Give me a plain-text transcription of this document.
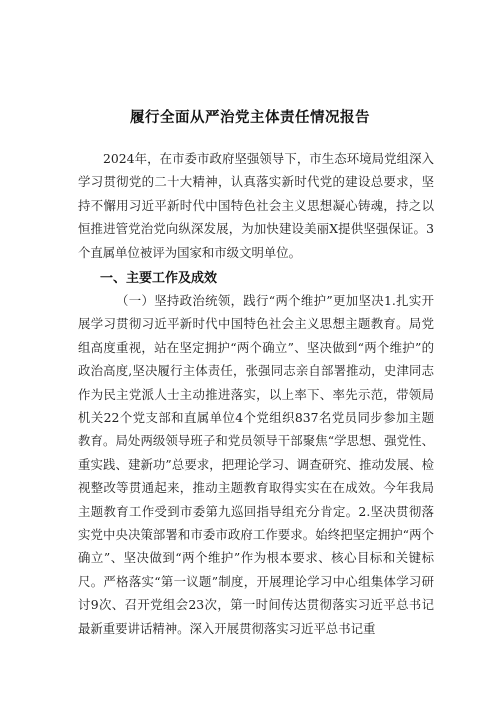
履行全面从严治党主体责任情况报告

2024年，在市委市政府坚强领导下，市生态环境局党组深入学习贯彻党的二十大精神，认真落实新时代党的建设总要求，坚持不懈用习近平新时代中国特色社会主义思想凝心铸魂，持之以恒推进管党治党向纵深发展，为加快建设美丽X提供坚强保证。3个直属单位被评为国家和市级文明单位。

一、主要工作及成效

（一）坚持政治统领，践行“两个维护”更加坚决1.扎实开展学习贯彻习近平新时代中国特色社会主义思想主题教育。局党组高度重视，站在坚定拥护“两个确立”、坚决做到“两个维护”的政治高度,坚决履行主体责任，张强同志亲自部署推动，史津同志作为民主党派人士主动推进落实，以上率下、率先示范，带领局机关22个党支部和直属单位4个党组织837名党员同步参加主题教育。局处两级领导班子和党员领导干部聚焦“学思想、强党性、重实践、建新功”总要求，把理论学习、调查研究、推动发展、检视整改等贯通起来，推动主题教育取得实实在在成效。今年我局主题教育工作受到市委第九巡回指导组充分肯定。2.坚决贯彻落实党中央决策部署和市委市政府工作要求。始终把坚定拥护“两个确立”、坚决做到“两个维护”作为根本要求、核心目标和关键标尺。严格落实“第一议题”制度，开展理论学习中心组集体学习研讨9次、召开党组会23次，第一时间传达贯彻落实习近平总书记最新重要讲话精神。深入开展贯彻落实习近平总书记重
